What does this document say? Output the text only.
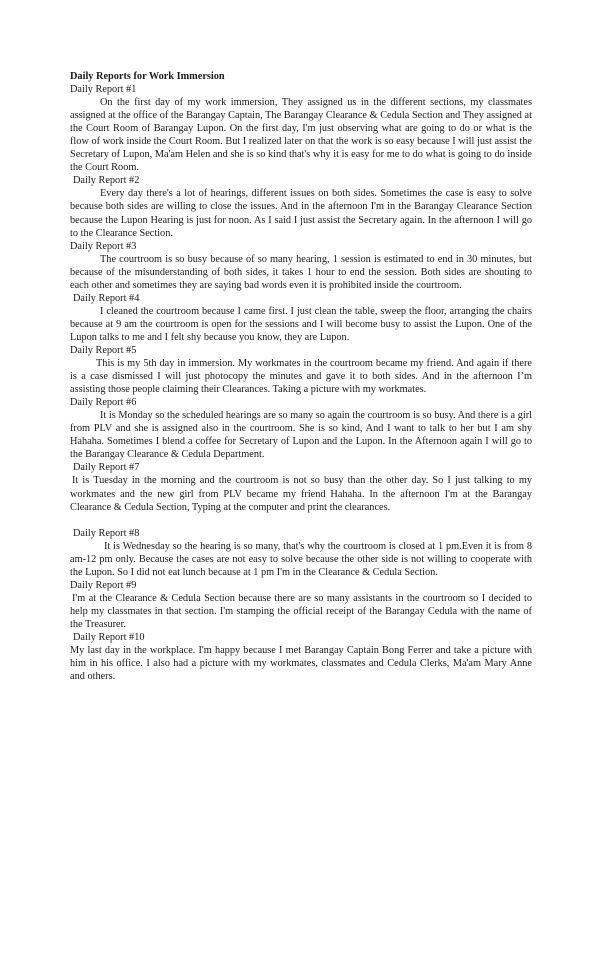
Daily Reports for Work Immersion
Daily Report #1

On the first day of my work immersion, They assigned us in the different sections, my classmates assigned at the office of the Barangay Captain, The Barangay Clearance & Cedula Section and They assigned at the Court Room of Barangay Lupon. On the first day, I'm just observing what are going to do or what is the flow of work inside the Court Room. But I realized later on that the work is so easy because I will just assist the Secretary of Lupon, Ma'am Helen and she is so kind that's why it is easy for me to do what is going to do inside the Court Room.

Daily Report #2

Every day there's a lot of hearings, different issues on both sides. Sometimes the case is easy to solve because both sides are willing to close the issues. And in the afternoon I'm in the Barangay Clearance Section because the Lupon Hearing is just for noon. As I said I just assist the Secretary again. In the afternoon I will go to the Clearance Section.

Daily Report #3

The courtroom is so busy because of so many hearing, 1 session is estimated to end in 30 minutes, but because of the misunderstanding of both sides, it takes 1 hour to end the session. Both sides are shouting to each other and sometimes they are saying bad words even it is prohibited inside the courtroom.

Daily Report #4

I cleaned the courtroom because I came first. I just clean the table, sweep the floor, arranging the chairs because at 9 am the courtroom is open for the sessions and I will become busy to assist the Lupon. One of the Lupon talks to me and I felt shy because you know, they are Lupon.

Daily Report #5

This is my 5th day in immersion. My workmates in the courtroom became my friend. And again if there is a case dismissed I will just photocopy the minutes and gave it to both sides. And in the afternoon I’m assisting those people claiming their Clearances. Taking a picture with my workmates.

Daily Report #6

It is Monday so the scheduled hearings are so many so again the courtroom is so busy. And there is a girl from PLV and she is assigned also in the courtroom. She is so kind, And I want to talk to her but I am shy Hahaha. Sometimes I blend a coffee for Secretary of Lupon and the Lupon. In the Afternoon again I will go to the Barangay Clearance & Cedula Department.

Daily Report #7

It is Tuesday in the morning and the courtroom is not so busy than the other day. So I just talking to my workmates and the new girl from PLV became my friend Hahaha. In the afternoon I'm at the Barangay Clearance & Cedula Section, Typing at the computer and print the clearances.

Daily Report #8

It is Wednesday so the hearing is so many, that's why the courtroom is closed at 1 pm.Even it is from 8 am-12 pm only. Because the cases are not easy to solve because the other side is not willing to cooperate with the Lupon. So I did not eat lunch because at 1 pm I'm in the Clearance & Cedula Section.

Daily Report #9

I'm at the Clearance & Cedula Section because there are so many assistants in the courtroom so I decided to help my classmates in that section. I'm stamping the official receipt of the Barangay Cedula with the name of the Treasurer.

Daily Report #10

My last day in the workplace. I'm happy because I met Barangay Captain Bong Ferrer and take a picture with him in his office. I also had a picture with my workmates, classmates and Cedula Clerks, Ma'am Mary Anne and others.
